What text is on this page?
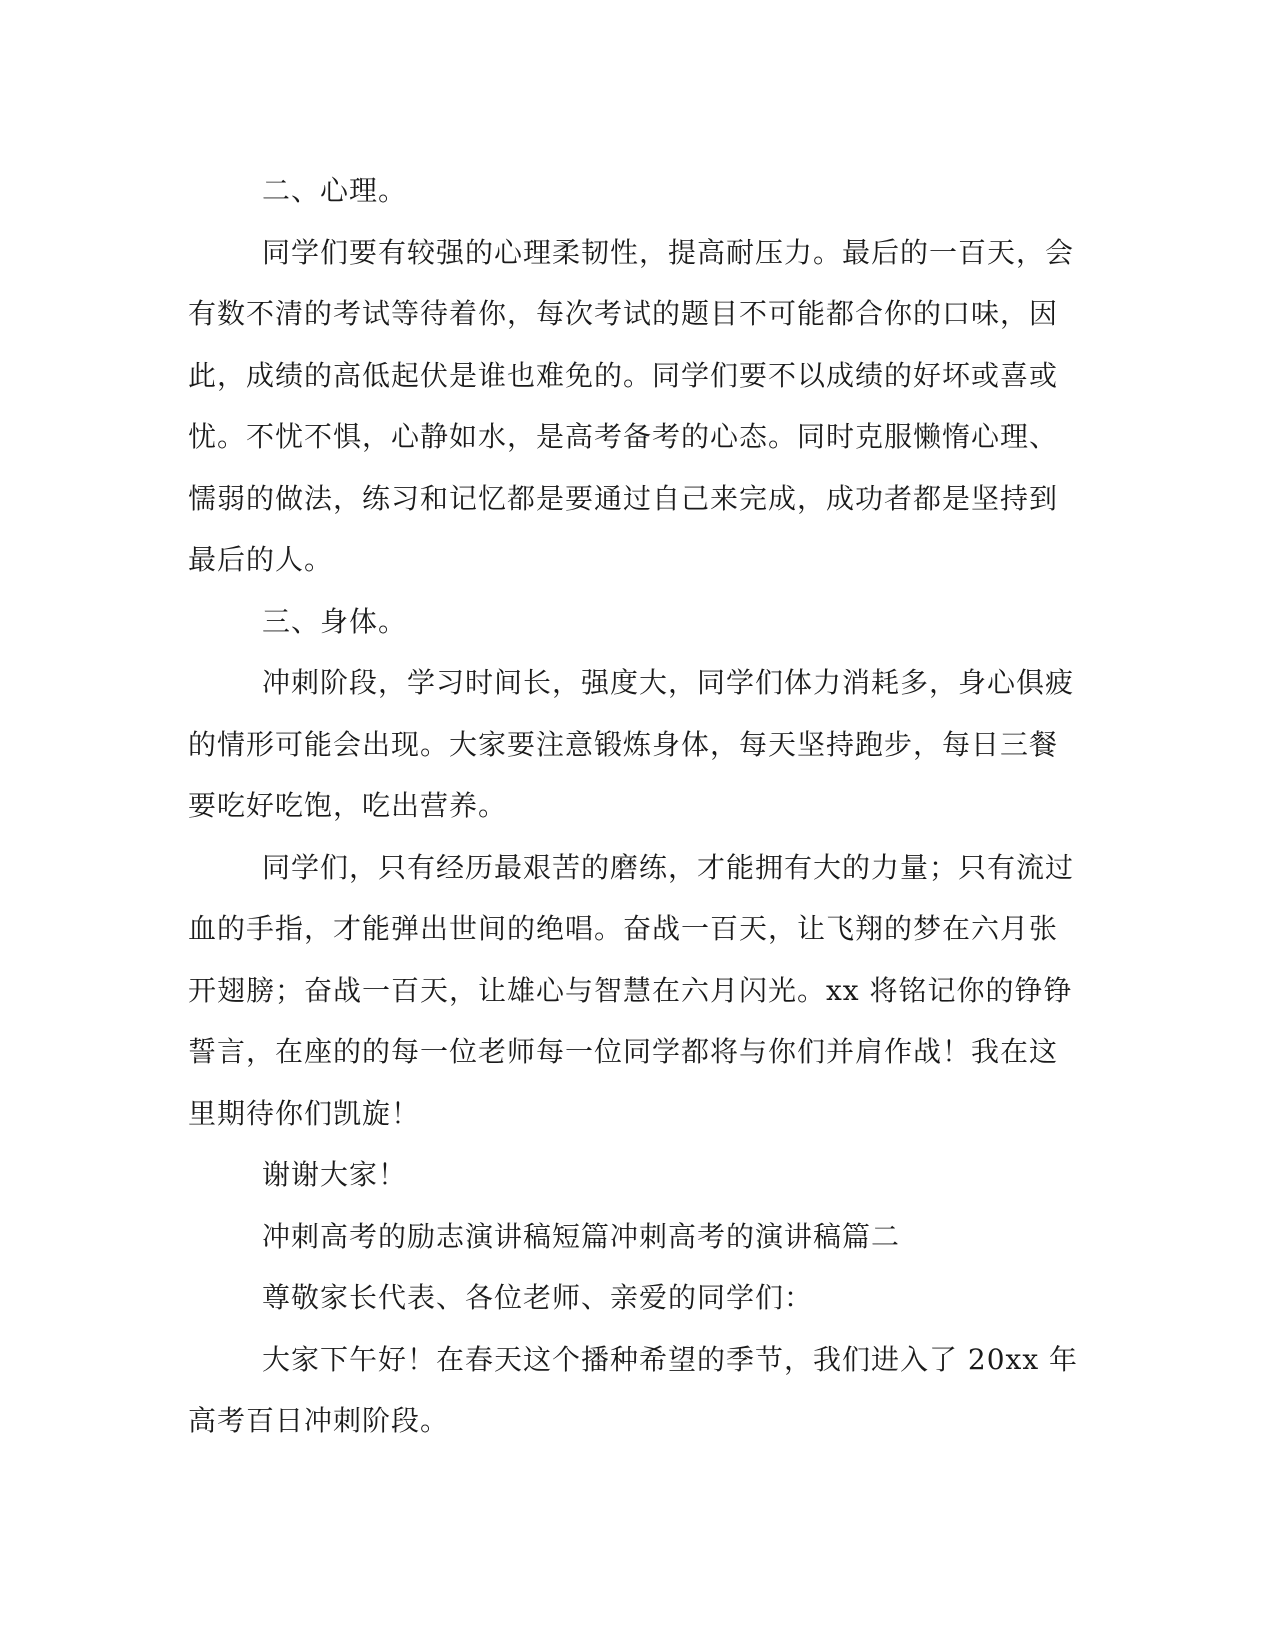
二、心理。

同学们要有较强的心理柔韧性，提高耐压力。最后的一百天，会
有数不清的考试等待着你，每次考试的题目不可能都合你的口味，因
此，成绩的高低起伏是谁也难免的。同学们要不以成绩的好坏或喜或
忧。不忧不惧，心静如水，是高考备考的心态。同时克服懒惰心理、
懦弱的做法，练习和记忆都是要通过自己来完成，成功者都是坚持到
最后的人。

三、身体。

冲刺阶段，学习时间长，强度大，同学们体力消耗多，身心俱疲
的情形可能会出现。大家要注意锻炼身体，每天坚持跑步，每日三餐
要吃好吃饱，吃出营养。

同学们，只有经历最艰苦的磨练，才能拥有大的力量；只有流过
血的手指，才能弹出世间的绝唱。奋战一百天，让飞翔的梦在六月张
开翅膀；奋战一百天，让雄心与智慧在六月闪光。xx 将铭记你的铮铮
誓言，在座的的每一位老师每一位同学都将与你们并肩作战！我在这
里期待你们凯旋！

谢谢大家！

冲刺高考的励志演讲稿短篇冲刺高考的演讲稿篇二

尊敬家长代表、各位老师、亲爱的同学们：

大家下午好！在春天这个播种希望的季节，我们进入了 20xx 年
高考百日冲刺阶段。
